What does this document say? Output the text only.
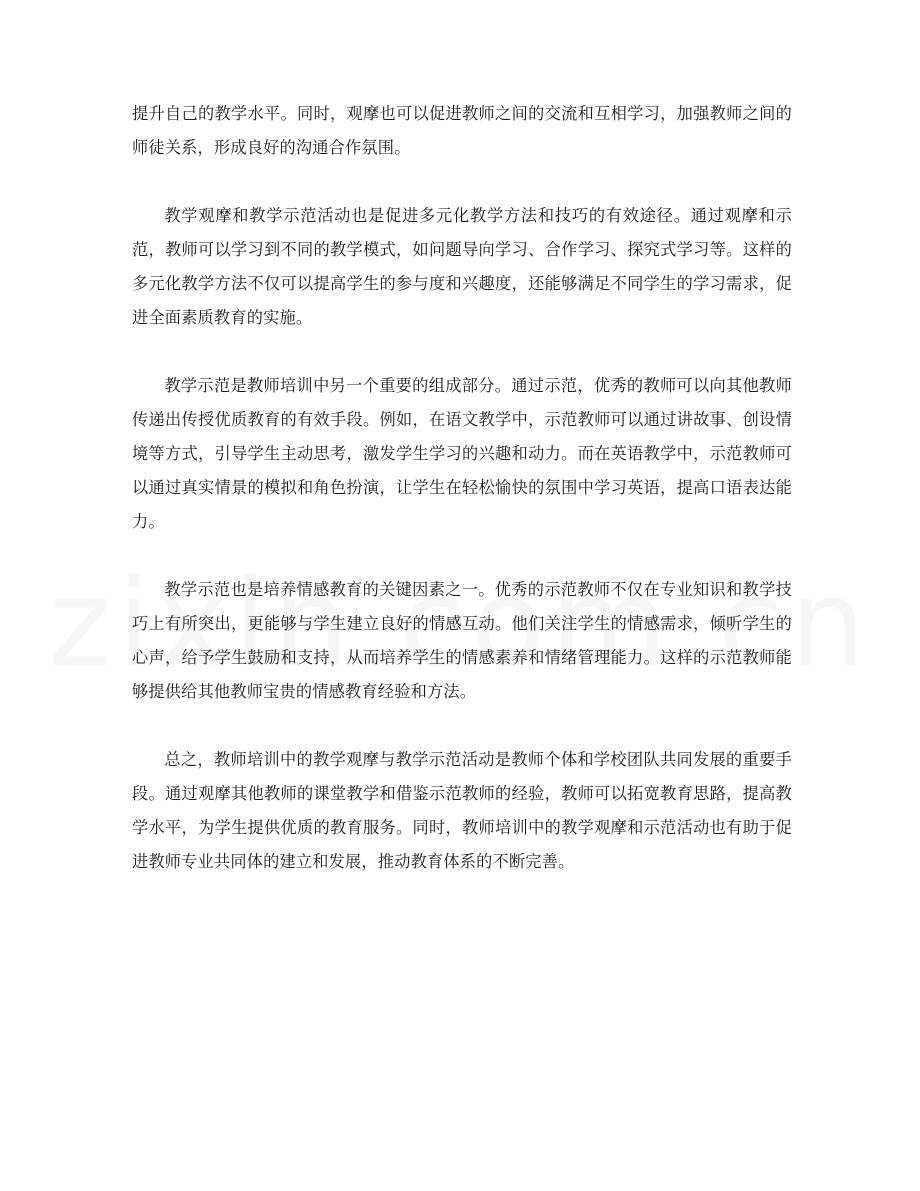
提升自己的教学水平。同时，观摩也可以促进教师之间的交流和互相学习，加强教师之间的师徒关系，形成良好的沟通合作氛围。

教学观摩和教学示范活动也是促进多元化教学方法和技巧的有效途径。通过观摩和示范，教师可以学习到不同的教学模式，如问题导向学习、合作学习、探究式学习等。这样的多元化教学方法不仅可以提高学生的参与度和兴趣度，还能够满足不同学生的学习需求，促进全面素质教育的实施。

教学示范是教师培训中另一个重要的组成部分。通过示范，优秀的教师可以向其他教师传递出传授优质教育的有效手段。例如，在语文教学中，示范教师可以通过讲故事、创设情境等方式，引导学生主动思考，激发学生学习的兴趣和动力。而在英语教学中，示范教师可以通过真实情景的模拟和角色扮演，让学生在轻松愉快的氛围中学习英语，提高口语表达能力。

教学示范也是培养情感教育的关键因素之一。优秀的示范教师不仅在专业知识和教学技巧上有所突出，更能够与学生建立良好的情感互动。他们关注学生的情感需求，倾听学生的心声，给予学生鼓励和支持，从而培养学生的情感素养和情绪管理能力。这样的示范教师能够提供给其他教师宝贵的情感教育经验和方法。

总之，教师培训中的教学观摩与教学示范活动是教师个体和学校团队共同发展的重要手段。通过观摩其他教师的课堂教学和借鉴示范教师的经验，教师可以拓宽教育思路，提高教学水平，为学生提供优质的教育服务。同时，教师培训中的教学观摩和示范活动也有助于促进教师专业共同体的建立和发展，推动教育体系的不断完善。
